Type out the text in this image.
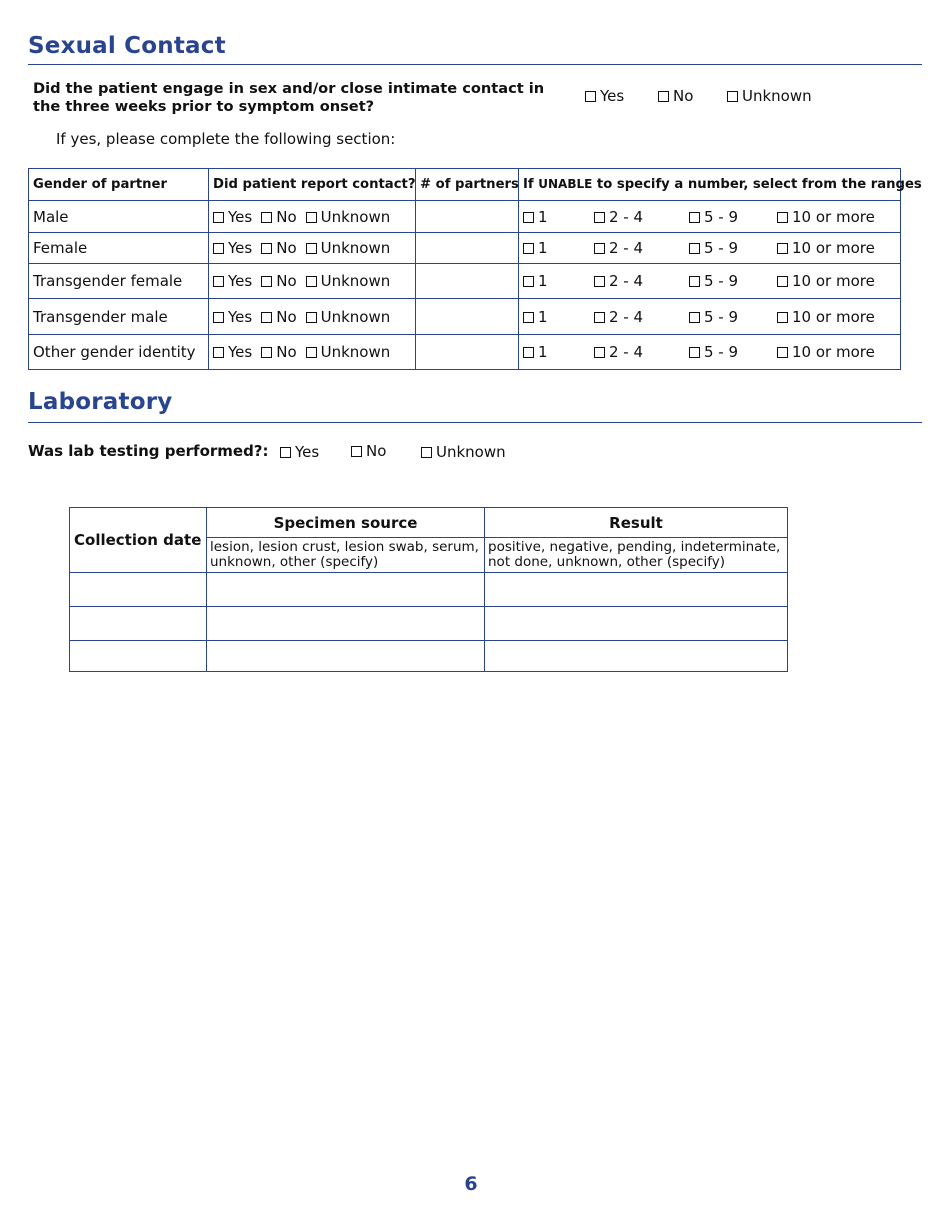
Sexual Contact
Did the patient engage in sex and/or close intimate contact in the three weeks prior to symptom onset?
Yes	No	Unknown
If yes, please complete the following section:
Gender of partner	Did patient report contact?	# of partners	If UNABLE to specify a number, select from the ranges
Male	Yes No Unknown		1 2 - 4 5 - 9 10 or more

Female	Yes No Unknown		1 2 - 4 5 - 9 10 or more

Transgender female	Yes No Unknown		1 2 - 4 5 - 9 10 or more

Transgender male	Yes No Unknown		1 2 - 4 5 - 9 10 or more

Other gender identity	Yes No Unknown		1 2 - 4 5 - 9 10 or more
Laboratory
Was lab testing performed?:	Yes	No	Unknown
Collection date	Specimen source	Result
	lesion, lesion crust, lesion swab, serum, unknown, other (specify)	positive, negative, pending, indeterminate, not done, unknown, other (specify)

6
